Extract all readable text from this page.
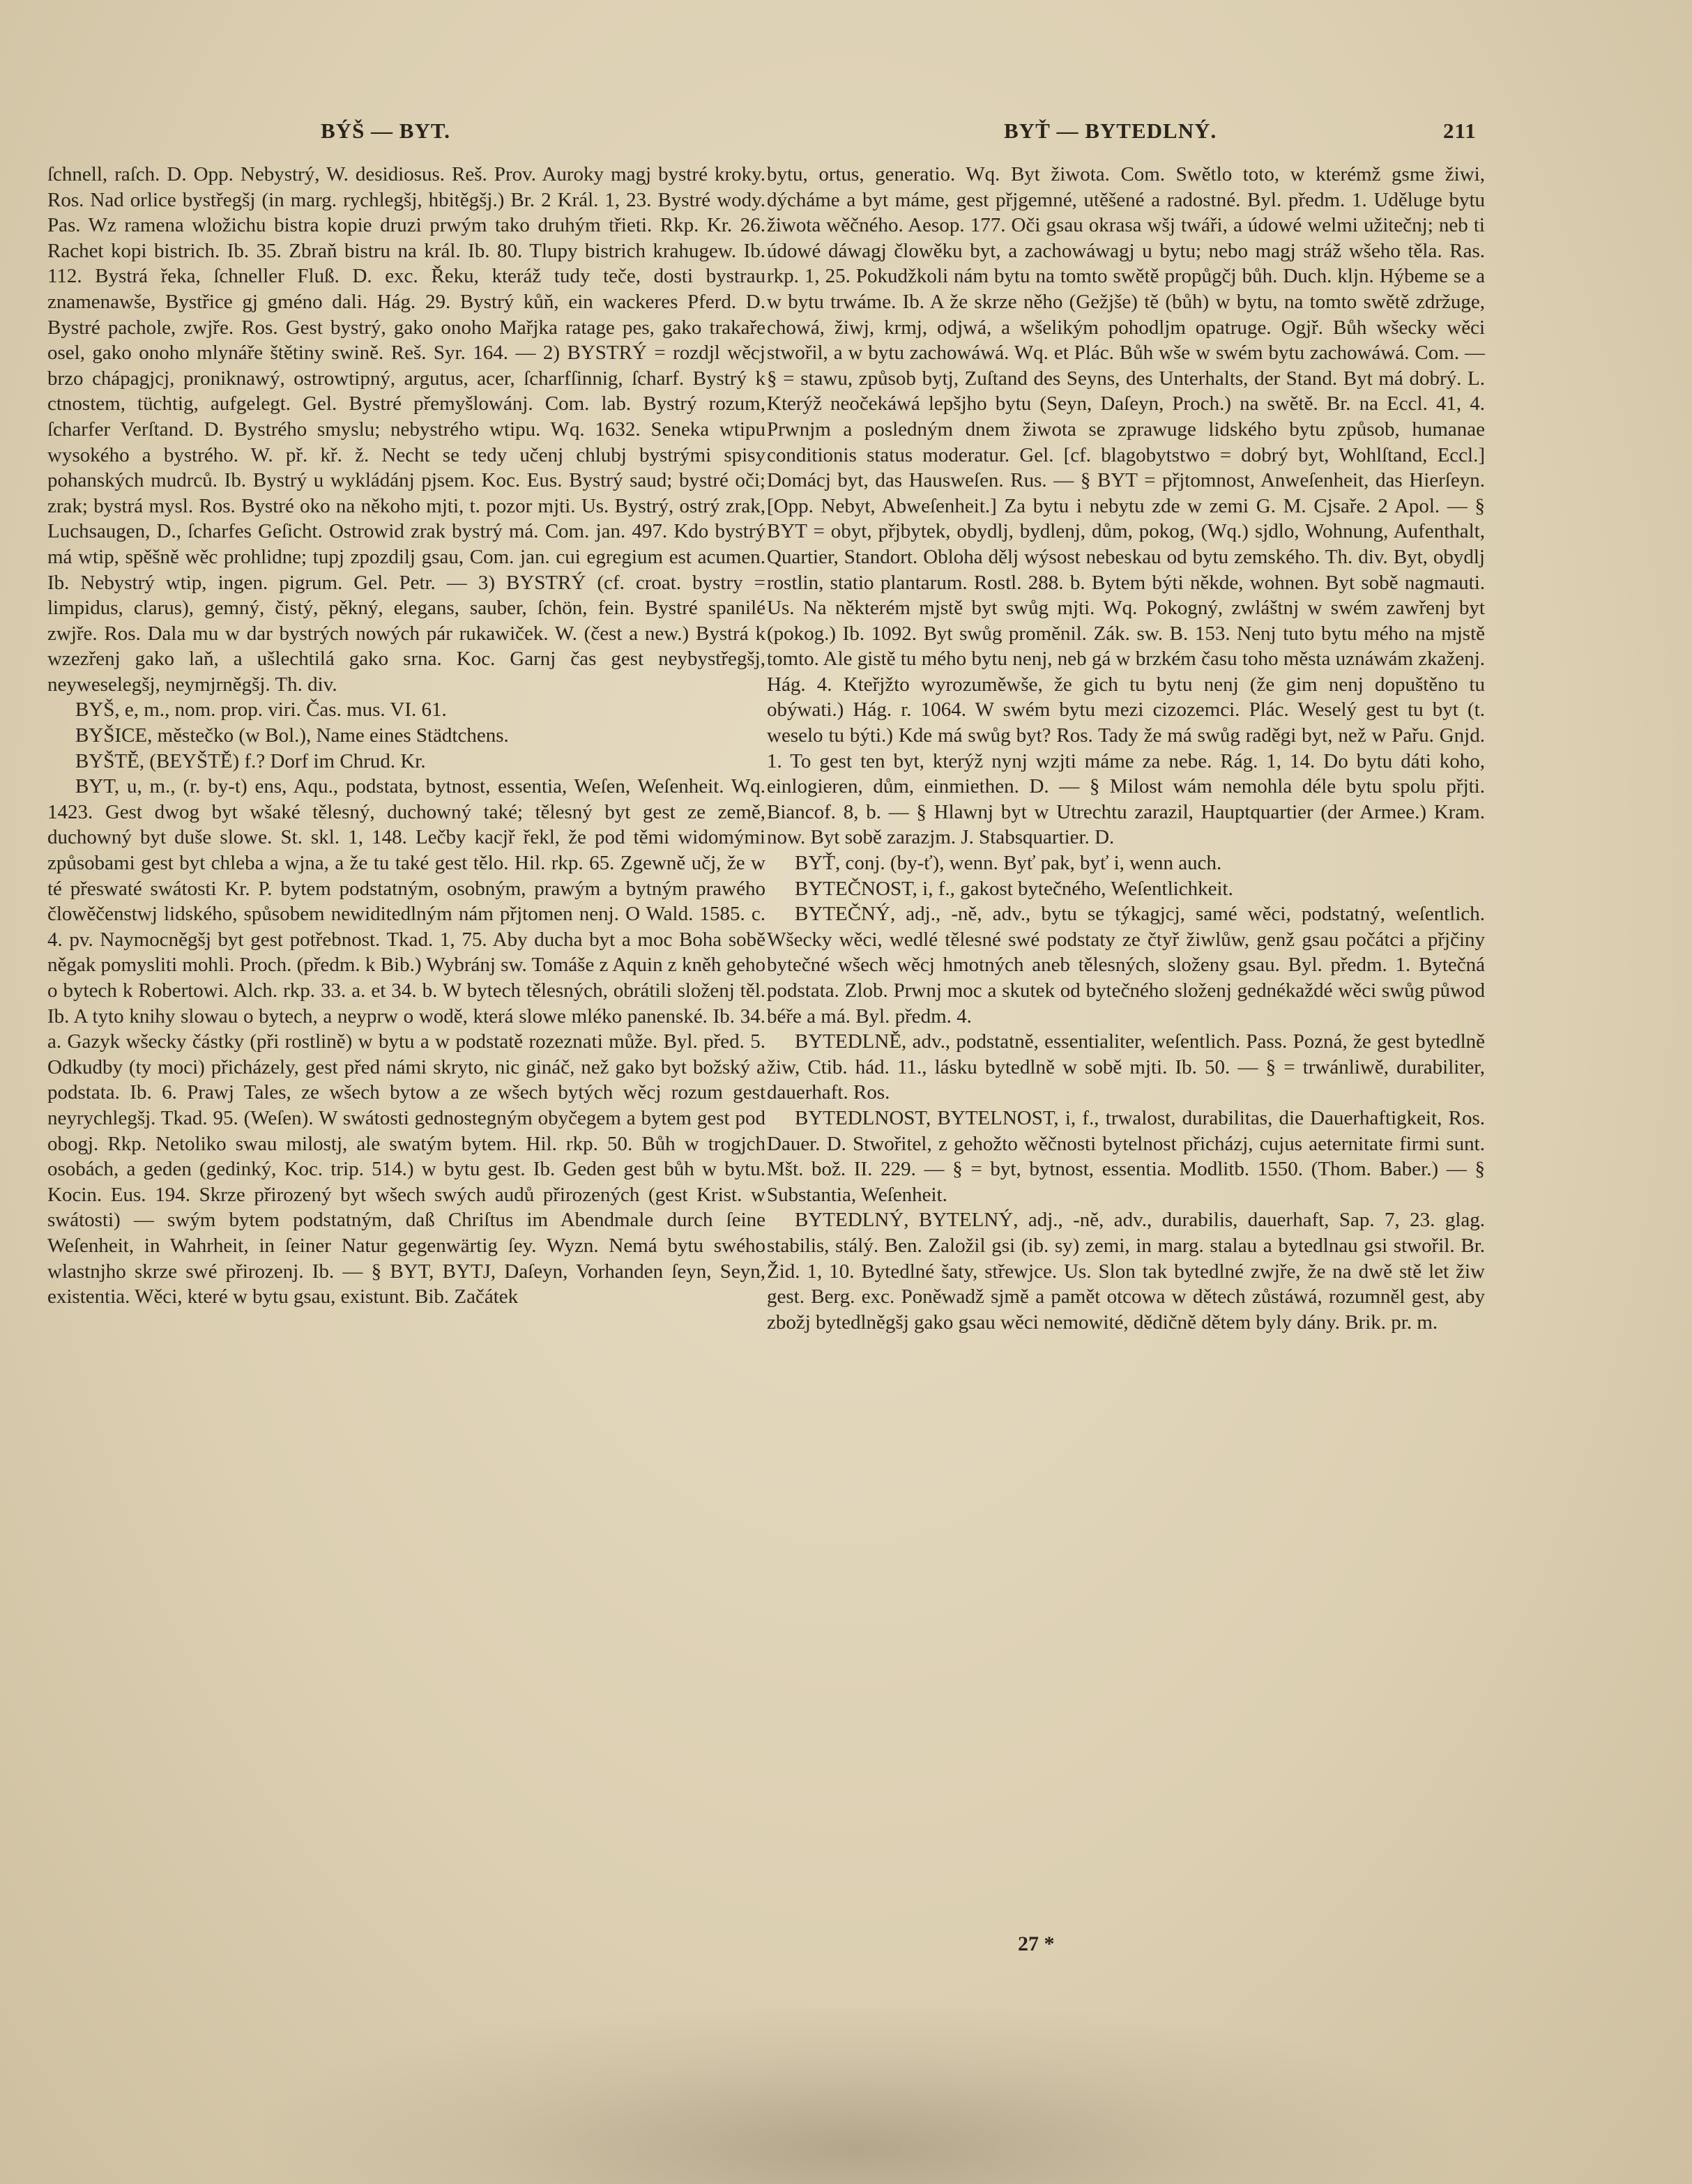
BÝŠ — BYT.	BYŤ — BYTEDLNÝ.	211

ſchnell, raſch. D. Opp. Nebystrý, W. desidiosus. Reš. Prov. Auroky magj bystré kroky. Ros. Nad orlice bystřegšj (in marg. rychlegšj, hbitěgšj.) Br. 2 Král. 1, 23. Bystré wody. Pas. Wz ramena wložichu bistra kopie druzi prwým tako druhým třieti. Rkp. Kr. 26. Rachet kopi bistrich. Ib. 35. Zbraň bistru na král. Ib. 80. Tlupy bistrich krahugew. Ib. 112. Bystrá řeka, ſchneller Fluß. D. exc. Řeku, kteráž tudy teče, dosti bystrau znamenawše, Bystřice gj gméno dali. Hág. 29. Bystrý kůň, ein wackeres Pferd. D. Bystré pachole, zwjře. Ros. Gest bystrý, gako onoho Mařjka ratage pes, gako trakaře osel, gako onoho mlynáře štětiny swině. Reš. Syr. 164. — 2) BYSTRÝ = rozdjl wěcj brzo chápagjcj, proniknawý, ostrowtipný, argutus, acer, ſcharfſinnig, ſcharf. Bystrý k ctnostem, tüchtig, aufgelegt. Gel. Bystré přemyšlowánj. Com. lab. Bystrý rozum, ſcharfer Verſtand. D. Bystrého smyslu; nebystrého wtipu. Wq. 1632. Seneka wtipu wysokého a bystrého. W. př. kř. ž. Necht se tedy učenj chlubj bystrými spisy pohanských mudrců. Ib. Bystrý u wykládánj pjsem. Koc. Eus. Bystrý saud; bystré oči; zrak; bystrá mysl. Ros. Bystré oko na někoho mjti, t. pozor mjti. Us. Bystrý, ostrý zrak, Luchsaugen, D., ſcharfes Geſicht. Ostrowid zrak bystrý má. Com. jan. 497. Kdo bystrý má wtip, spěšně wěc prohlidne; tupj zpozdilj gsau, Com. jan. cui egregium est acumen. Ib. Nebystrý wtip, ingen. pigrum. Gel. Petr. — 3) BYSTRÝ (cf. croat. bystry = limpidus, clarus), gemný, čistý, pěkný, elegans, sauber, ſchön, fein. Bystré spanilé zwjře. Ros. Dala mu w dar bystrých nowých pár rukawiček. W. (čest a new.) Bystrá k wzezřenj gako laň, a ušlechtilá gako srna. Koc. Garnj čas gest neybystřegšj, neyweselegšj, neymjrněgšj. Th. div.

BYŠ, e, m., nom. prop. viri. Čas. mus. VI. 61.

BYŠICE, městečko (w Bol.), Name eines Städtchens.

BYŠTĚ, (BEYŠTĚ) f.? Dorf im Chrud. Kr.

BYT, u, m., (r. by-t) ens, Aqu., podstata, bytnost, essentia, Weſen, Weſenheit. Wq. 1423. Gest dwog byt wšaké tělesný, duchowný také; tělesný byt gest ze země, duchowný byt duše slowe. St. skl. 1, 148. Lečby kacjř řekl, že pod těmi widomými způsobami gest byt chleba a wjna, a že tu také gest tělo. Hil. rkp. 65. Zgewně učj, že w té přeswaté swátosti Kr. P. bytem podstatným, osobným, prawým a bytným prawého člowěčenstwj lidského, spůsobem newiditedlným nám přjtomen nenj. O Wald. 1585. c. 4. pv. Naymocněgšj byt gest potřebnost. Tkad. 1, 75. Aby ducha byt a moc Boha sobě něgak pomysliti mohli. Proch. (předm. k Bib.) Wybránj sw. Tomáše z Aquin z kněh geho o bytech k Robertowi. Alch. rkp. 33. a. et 34. b. W bytech tělesných, obrátili složenj těl. Ib. A tyto knihy slowau o bytech, a neyprw o wodě, která slowe mléko panenské. Ib. 34. a. Gazyk wšecky částky (při rostlině) w bytu a w podstatě rozeznati může. Byl. před. 5. Odkudby (ty moci) přicházely, gest před námi skryto, nic gináč, než gako byt božský a podstata. Ib. 6. Prawj Tales, ze wšech bytow a ze wšech bytých wěcj rozum gest neyrychlegšj. Tkad. 95. (Weſen). W swátosti gednostegným obyčegem a bytem gest pod obogj. Rkp. Netoliko swau milostj, ale swatým bytem. Hil. rkp. 50. Bůh w trogjch osobách, a geden (gedinký, Koc. trip. 514.) w bytu gest. Ib. Geden gest bůh w bytu. Kocin. Eus. 194. Skrze přirozený byt wšech swých audů přirozených (gest Krist. w swátosti) — swým bytem podstatným, daß Chriſtus im Abendmale durch ſeine Weſenheit, in Wahrheit, in ſeiner Natur gegenwärtig ſey. Wyzn. Nemá bytu swého wlastnjho skrze swé přirozenj. Ib. — § BYT, BYTJ, Daſeyn, Vorhanden ſeyn, Seyn, existentia. Wěci, které w bytu gsau, existunt. Bib. Začátek

bytu, ortus, generatio. Wq. Byt žiwota. Com. Swětlo toto, w kterémž gsme žiwi, dýcháme a byt máme, gest přjgemné, utěšené a radostné. Byl. předm. 1. Uděluge bytu žiwota wěčného. Aesop. 177. Oči gsau okrasa wšj twáři, a údowé welmi užitečnj; neb ti údowé dáwagj člowěku byt, a zachowáwagj u bytu; nebo magj stráž wšeho těla. Ras. rkp. 1, 25. Pokudžkoli nám bytu na tomto swětě propůgčj bůh. Duch. kljn. Hýbeme se a w bytu trwáme. Ib. A že skrze něho (Gežjše) tě (bůh) w bytu, na tomto swětě zdržuge, chowá, žiwj, krmj, odjwá, a wšelikým pohodljm opatruge. Ogjř. Bůh wšecky wěci stwořil, a w bytu zachowáwá. Wq. et Plác. Bůh wše w swém bytu zachowáwá. Com. — § = stawu, způsob bytj, Zuſtand des Seyns, des Unterhalts, der Stand. Byt má dobrý. L. Kterýž neočekáwá lepšjho bytu (Seyn, Daſeyn, Proch.) na swětě. Br. na Eccl. 41, 4. Prwnjm a posledným dnem žiwota se zprawuge lidského bytu způsob, humanae conditionis status moderatur. Gel. [cf. blagobytstwo = dobrý byt, Wohlſtand, Eccl.] Domácj byt, das Hausweſen. Rus. — § BYT = přjtomnost, Anweſenheit, das Hierſeyn. [Opp. Nebyt, Abweſenheit.] Za bytu i nebytu zde w zemi G. M. Cjsaře. 2 Apol. — § BYT = obyt, přjbytek, obydlj, bydlenj, dům, pokog, (Wq.) sjdlo, Wohnung, Aufenthalt, Quartier, Standort. Obloha dělj wýsost nebeskau od bytu zemského. Th. div. Byt, obydlj rostlin, statio plantarum. Rostl. 288. b. Bytem býti někde, wohnen. Byt sobě nagmauti. Us. Na některém mjstě byt swůg mjti. Wq. Pokogný, zwláštnj w swém zawřenj byt (pokog.) Ib. 1092. Byt swůg proměnil. Zák. sw. B. 153. Nenj tuto bytu mého na mjstě tomto. Ale gistě tu mého bytu nenj, neb gá w brzkém času toho města uznáwám zkaženj. Hág. 4. Kteřjžto wyrozuměwše, že gich tu bytu nenj (že gim nenj dopuštěno tu obýwati.) Hág. r. 1064. W swém bytu mezi cizozemci. Plác. Weselý gest tu byt (t. weselo tu býti.) Kde má swůg byt? Ros. Tady že má swůg raděgi byt, než w Pařu. Gnjd. 1. To gest ten byt, kterýž nynj wzjti máme za nebe. Rág. 1, 14. Do bytu dáti koho, einlogieren, dům, einmiethen. D. — § Milost wám nemohla déle bytu spolu přjti. Biancof. 8, b. — § Hlawnj byt w Utrechtu zarazil, Hauptquartier (der Armee.) Kram. now. Byt sobě zarazjm. J. Stabsquartier. D.

BYŤ, conj. (by-ť), wenn. Byť pak, byť i, wenn auch.

BYTEČNOST, i, f., gakost bytečného, Weſentlichkeit.

BYTEČNÝ, adj., -ně, adv., bytu se týkagjcj, samé wěci, podstatný, weſentlich. Wšecky wěci, wedlé tělesné swé podstaty ze čtyř žiwlůw, genž gsau počátci a přjčiny bytečné wšech wěcj hmotných aneb tělesných, složeny gsau. Byl. předm. 1. Bytečná podstata. Zlob. Prwnj moc a skutek od bytečného složenj gednékaždé wěci swůg půwod béře a má. Byl. předm. 4.

BYTEDLNĚ, adv., podstatně, essentialiter, weſentlich. Pass. Pozná, že gest bytedlně žiw, Ctib. hád. 11., lásku bytedlně w sobě mjti. Ib. 50. — § = trwánliwě, durabiliter, dauerhaft. Ros.

BYTEDLNOST, BYTELNOST, i, f., trwalost, durabilitas, die Dauerhaftigkeit, Ros. Dauer. D. Stwořitel, z gehožto wěčnosti bytelnost přicházj, cujus aeternitate firmi sunt. Mšt. bož. II. 229. — § = byt, bytnost, essentia. Modlitb. 1550. (Thom. Baber.) — § Substantia, Weſenheit.

BYTEDLNÝ, BYTELNÝ, adj., -ně, adv., durabilis, dauerhaft, Sap. 7, 23. glag. stabilis, stálý. Ben. Založil gsi (ib. sy) zemi, in marg. stalau a bytedlnau gsi stwořil. Br. Žid. 1, 10. Bytedlné šaty, střewjce. Us. Slon tak bytedlné zwjře, že na dwě stě let žiw gest. Berg. exc. Poněwadž sjmě a pamět otcowa w dětech zůstáwá, rozumněl gest, aby zbožj bytedlněgšj gako gsau wěci nemowité, dědičně dětem byly dány. Brik. pr. m.

27 *
